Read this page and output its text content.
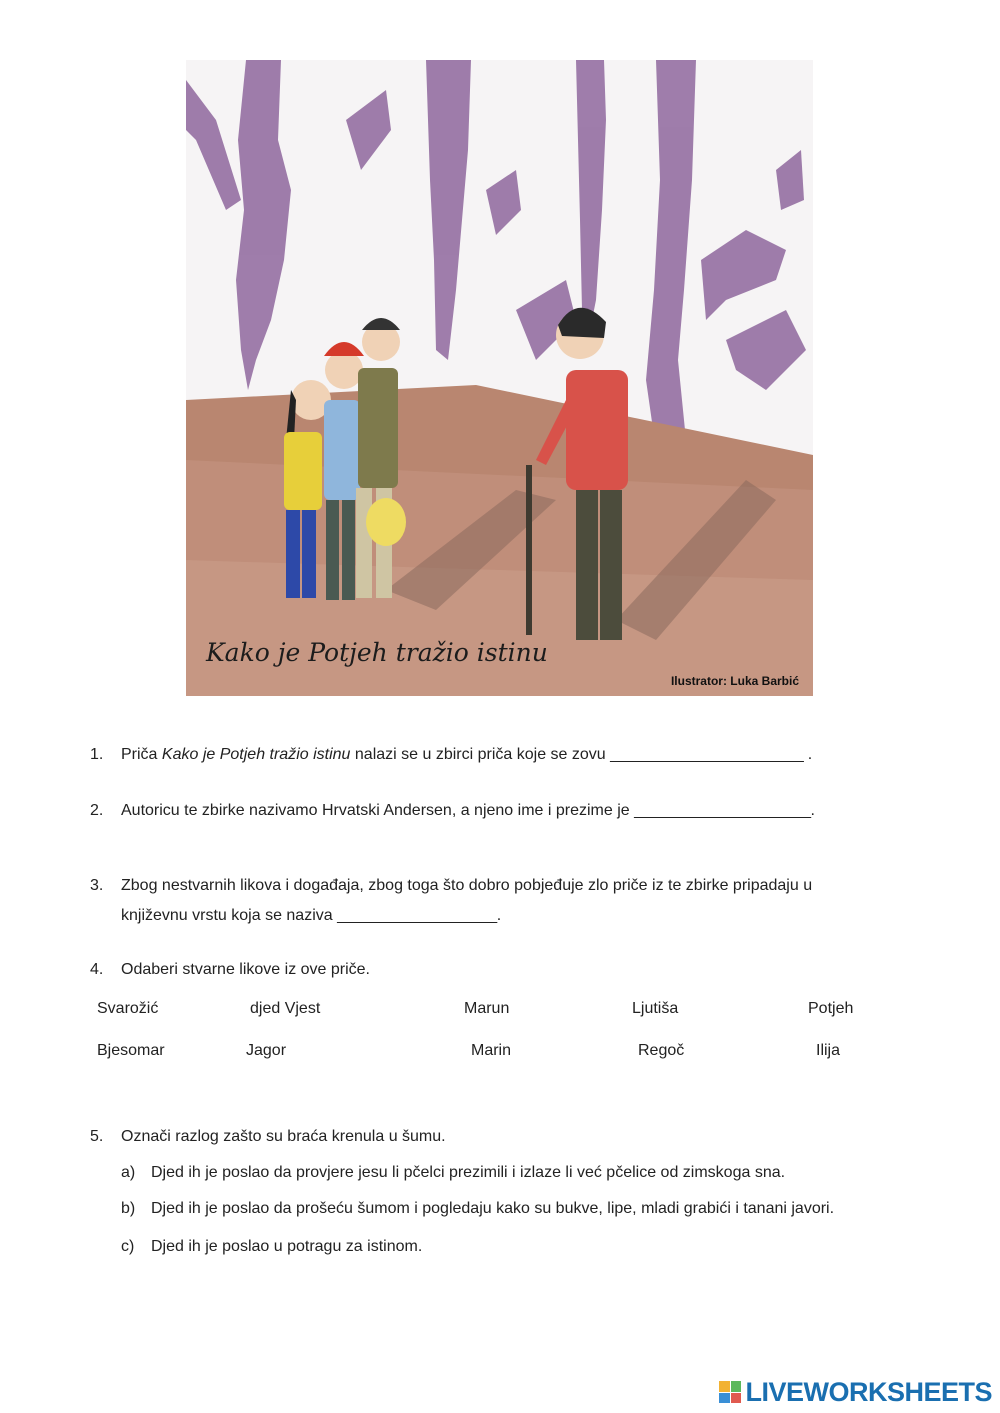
Kako je Potjeh tražio istinu
Ilustrator: Luka Barbić
1. Priča Kako je Potjeh tražio istinu nalazi se u zbirci priča koje se zovu _______________________ .
2. Autoricu te zbirke nazivamo Hrvatski Andersen, a njeno ime i prezime je _____________________.
3. Zbog nestvarnih likova i događaja, zbog toga što dobro pobjeđuje zlo priče iz te zbirke pripadaju u
književnu vrstu koja se naziva ___________________.
4. Odaberi stvarne likove iz ove priče.
Svarožić	djed Vjest	Marun	Ljutiša	Potjeh
Bjesomar	Jagor	Marin	Regoč	Ilija
5. Označi razlog zašto su braća krenula u šumu.
a) Djed ih je poslao da provjere jesu li pčelci prezimili i izlaze li već pčelice od zimskoga sna.
b) Djed ih je poslao da prošeću šumom i pogledaju kako su bukve, lipe, mladi grabići i tanani javori.
c) Djed ih je poslao u potragu za istinom.
LIVEWORKSHEETS
